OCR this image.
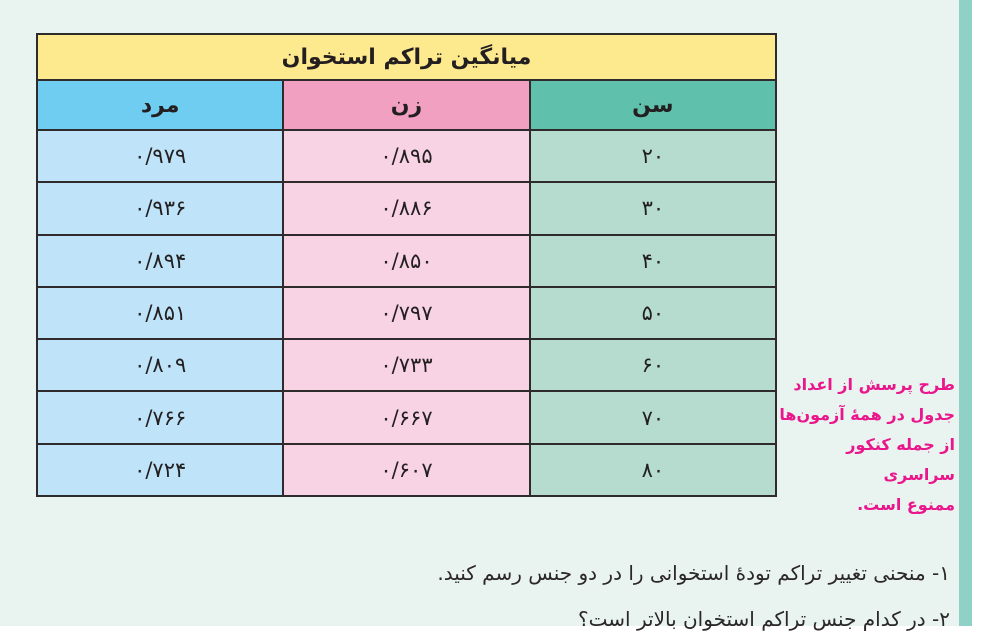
میانگین تراکم استخوان
سن
زن
مرد
۲۰
۰/۸۹۵
۰/۹۷۹
۳۰
۰/۸۸۶
۰/۹۳۶
۴۰
۰/۸۵۰
۰/۸۹۴
۵۰
۰/۷۹۷
۰/۸۵۱
۶۰
۰/۷۳۳
۰/۸۰۹
۷۰
۰/۶۶۷
۰/۷۶۶
۸۰
۰/۶۰۷
۰/۷۲۴
طرح پرسش از اعداد
جدول در همهٔ آزمون‌ها
از جمله کنکور سراسری
ممنوع است.
۱- منحنی تغییر تراکم تودهٔ استخوانی را در دو جنس رسم کنید.
۲- در کدام جنس تراکم استخوان بالاتر است؟
